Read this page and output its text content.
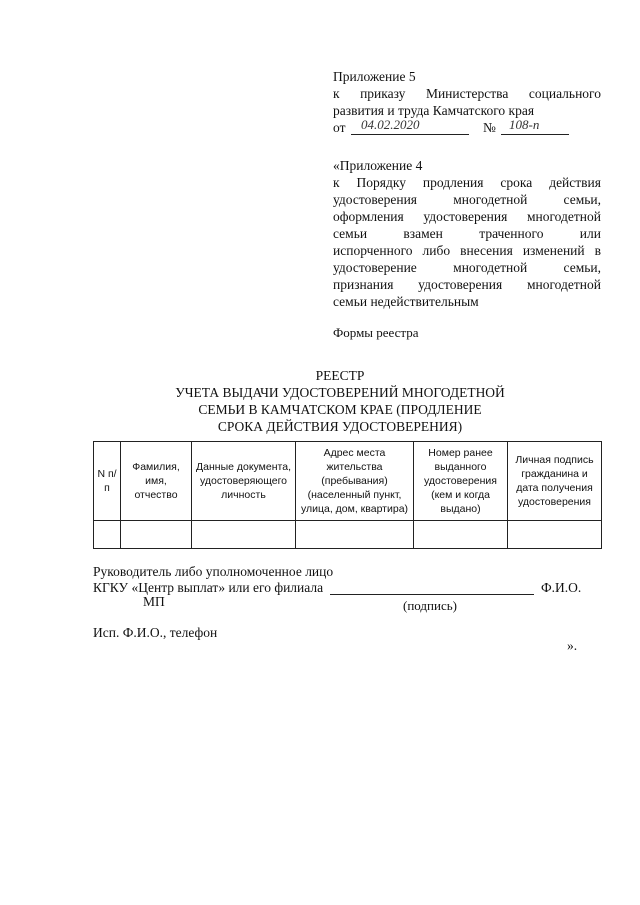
Приложение 5
к приказу Министерства социального
развития и труда Камчатского края
от 04.02.2020	№ 108-п
«Приложение 4
к Порядку продления срока действия
удостоверения многодетной семьи,
оформления удостоверения многодетной
семьи взамен траченного или
испорченного либо внесения изменений в
удостоверение многодетной семьи,
признания удостоверения многодетной
семьи недействительным
Формы реестра
РЕЕСТР
УЧЕТА ВЫДАЧИ УДОСТОВЕРЕНИЙ МНОГОДЕТНОЙ
СЕМЬИ В КАМЧАТСКОМ КРАЕ (ПРОДЛЕНИЕ
СРОКА ДЕЙСТВИЯ УДОСТОВЕРЕНИЯ)
N п/п	Фамилия, имя, отчество	Данные документа, удостоверяющего личность	Адрес места жительства (пребывания) (населенный пункт, улица, дом, квартира)	Номер ранее выданного удостоверения (кем и когда выдано)	Личная подпись гражданина и дата получения удостоверения

Руководитель либо уполномоченное лицо
КГКУ «Центр выплат» или его филиала	Ф.И.О.
МП	(подпись)
Исп. Ф.И.О., телефон
».
